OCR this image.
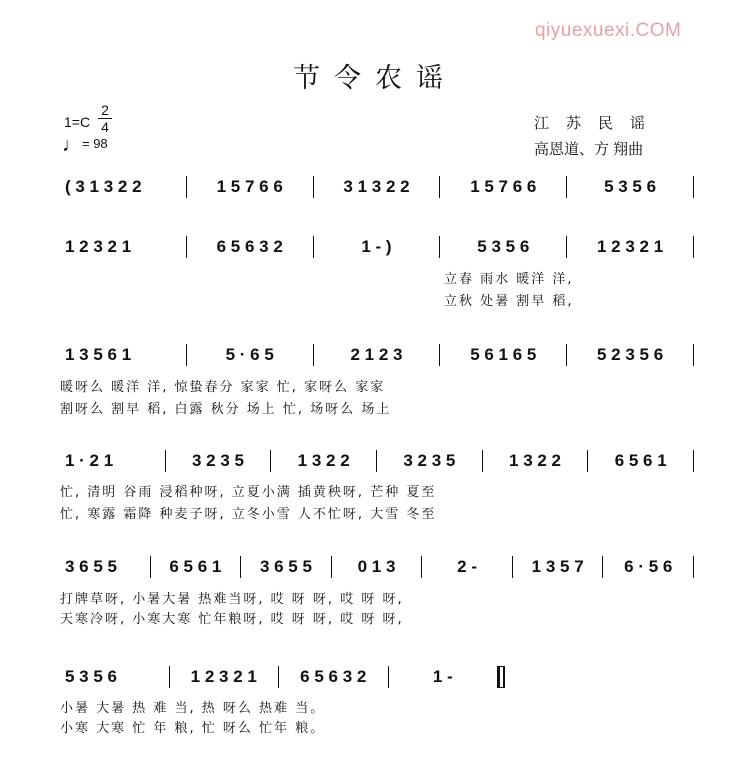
qiyuexuexi.COM
节令农谣
1=C
2
4
♩= 98
江苏民谣
高恩道、方 翔曲
( 3 1 3 2 2	1 5 7 6 6	3 1 3 2 2	1 5 7 6 6	5 3 5 6
1 2 3 2 1	6 5 6 3 2	1 - )	5 3 5 6	1 2 3 2 1
立春 雨水 暖洋 洋,
立秋 处暑 割早 稻,
1 3 5 6 1	5 · 6 5	2 1 2 3	5 6 1 6 5	5 2 3 5 6
暖呀么 暖洋 洋, 惊蛰春分 家家 忙, 家呀么 家家
割呀么 割早 稻, 白露 秋分 场上 忙, 场呀么 场上
1 · 2 1	3 2 3 5	1 3 2 2	3 2 3 5	1 3 2 2	6 5 6 1
忙, 清明 谷雨 浸稻种呀, 立夏小满 插黄秧呀, 芒种 夏至
忙, 寒露 霜降 种麦子呀, 立冬小雪 人不忙呀, 大雪 冬至
3 6 5 5	6 5 6 1	3 6 5 5	0 1 3	2 -	1 3 5 7	6 · 5 6
打牌草呀, 小暑大暑 热难当呀, 哎 呀 呀, 哎 呀 呀,
天寒冷呀, 小寒大寒 忙年粮呀, 哎 呀 呀, 哎 呀 呀,
5 3 5 6	1 2 3 2 1	6 5 6 3 2	1 -
小暑 大暑 热 难 当, 热 呀么 热难 当。
小寒 大寒 忙 年 粮, 忙 呀么 忙年 粮。
